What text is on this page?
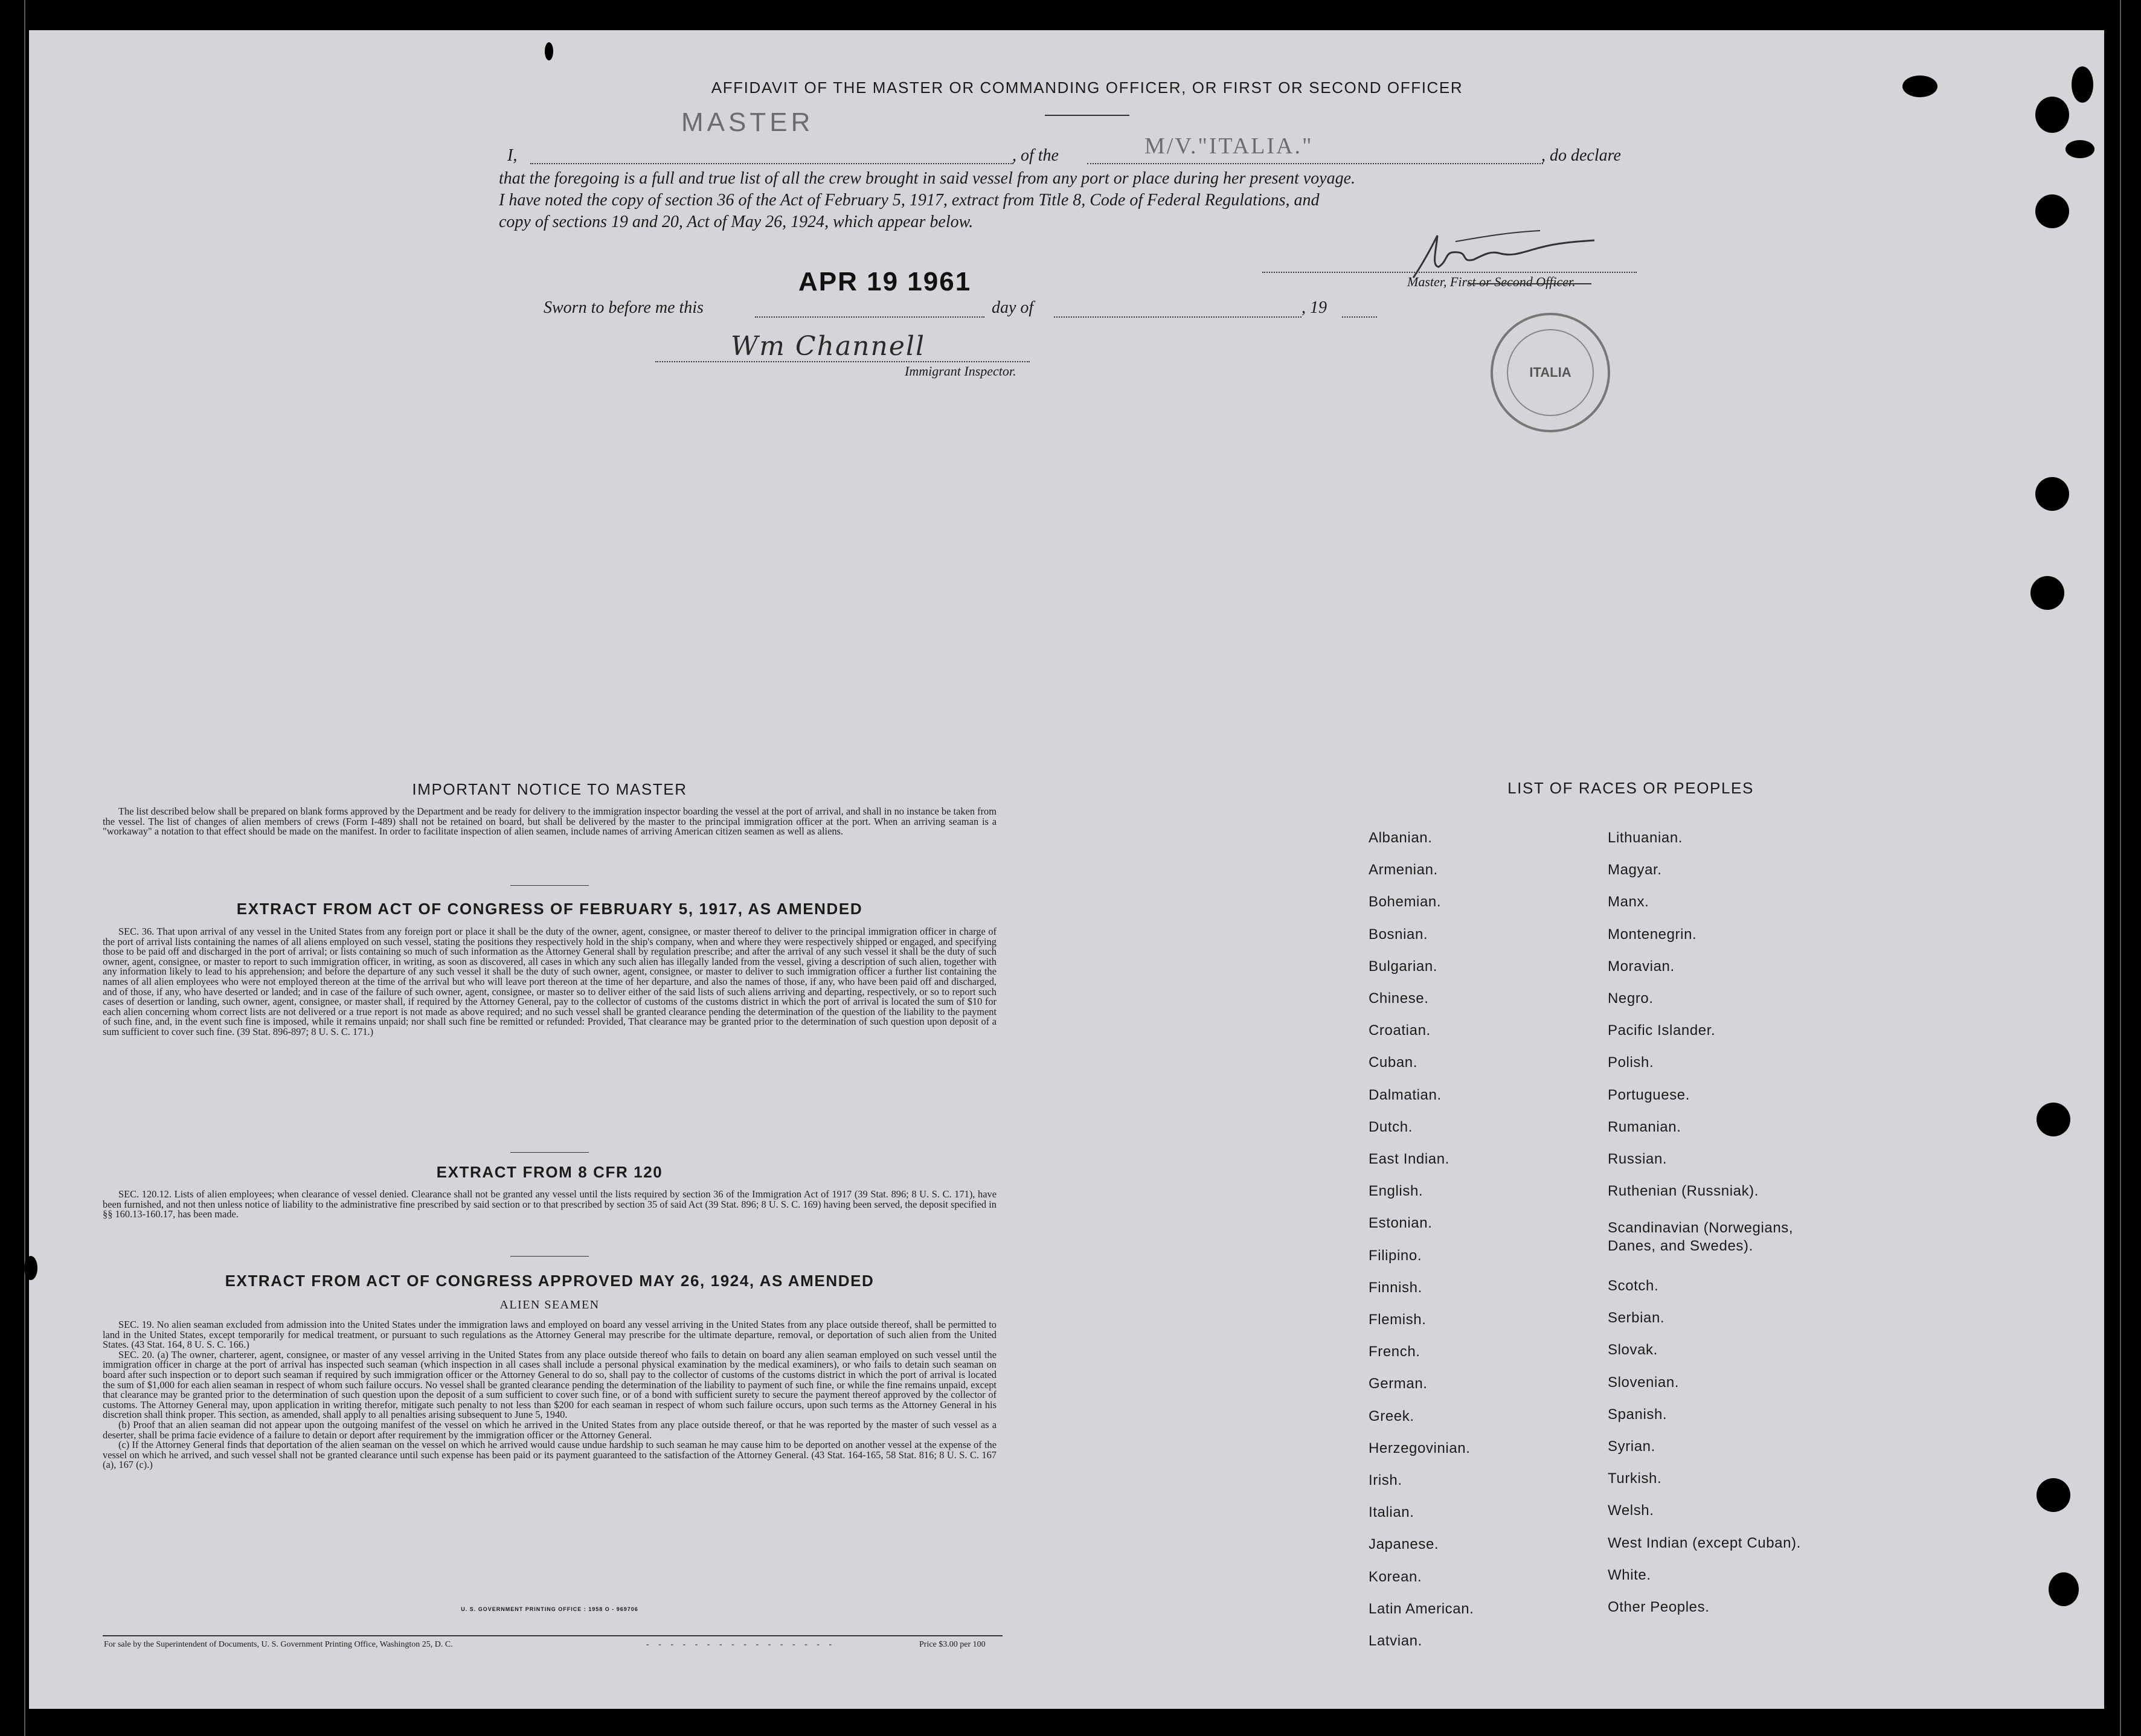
AFFIDAVIT OF THE MASTER OR COMMANDING OFFICER, OR FIRST OR SECOND OFFICER
MASTER
I,	, of the	M/V."ITALIA."	, do declare
that the foregoing is a full and true list of all the crew brought in said vessel from any port or place during her present voyage.
I have noted the copy of section 36 of the Act of February 5, 1917, extract from Title 8, Code of Federal Regulations, and
copy of sections 19 and 20, Act of May 26, 1924, which appear below.
Master, First or Second Officer.
APR 19 1961
Sworn to before me this	day of	, 19
Wm Channell
Immigrant Inspector.	ITALIA
IMPORTANT NOTICE TO MASTER

The list described below shall be prepared on blank forms approved by the Department and be ready for delivery to the immigration inspector boarding the vessel at the port of arrival, and shall in no instance be taken from the vessel. The list of changes of alien members of crews (Form I-489) shall not be retained on board, but shall be delivered by the master to the principal immigration officer at the port. When an arriving seaman is a "workaway" a notation to that effect should be made on the manifest. In order to facilitate inspection of alien seamen, include names of arriving American citizen seamen as well as aliens.

EXTRACT FROM ACT OF CONGRESS OF FEBRUARY 5, 1917, AS AMENDED

SEC. 36. That upon arrival of any vessel in the United States from any foreign port or place it shall be the duty of the owner, agent, consignee, or master thereof to deliver to the principal immigration officer in charge of the port of arrival lists containing the names of all aliens employed on such vessel, stating the positions they respectively hold in the ship's company, when and where they were respectively shipped or engaged, and specifying those to be paid off and discharged in the port of arrival; or lists containing so much of such information as the Attorney General shall by regulation prescribe; and after the arrival of any such vessel it shall be the duty of such owner, agent, consignee, or master to report to such immigration officer, in writing, as soon as discovered, all cases in which any such alien has illegally landed from the vessel, giving a description of such alien, together with any information likely to lead to his apprehension; and before the departure of any such vessel it shall be the duty of such owner, agent, consignee, or master to deliver to such immigration officer a further list containing the names of all alien employees who were not employed thereon at the time of the arrival but who will leave port thereon at the time of her departure, and also the names of those, if any, who have been paid off and discharged, and of those, if any, who have deserted or landed; and in case of the failure of such owner, agent, consignee, or master so to deliver either of the said lists of such aliens arriving and departing, respectively, or so to report such cases of desertion or landing, such owner, agent, consignee, or master shall, if required by the Attorney General, pay to the collector of customs of the customs district in which the port of arrival is located the sum of $10 for each alien concerning whom correct lists are not delivered or a true report is not made as above required; and no such vessel shall be granted clearance pending the determination of the question of the liability to the payment of such fine, and, in the event such fine is imposed, while it remains unpaid; nor shall such fine be remitted or refunded: Provided, That clearance may be granted prior to the determination of such question upon deposit of a sum sufficient to cover such fine. (39 Stat. 896-897; 8 U. S. C. 171.)

EXTRACT FROM 8 CFR 120

SEC. 120.12. Lists of alien employees; when clearance of vessel denied. Clearance shall not be granted any vessel until the lists required by section 36 of the Immigration Act of 1917 (39 Stat. 896; 8 U. S. C. 171), have been furnished, and not then unless notice of liability to the administrative fine prescribed by said section or to that prescribed by section 35 of said Act (39 Stat. 896; 8 U. S. C. 169) having been served, the deposit specified in §§ 160.13-160.17, has been made.

EXTRACT FROM ACT OF CONGRESS APPROVED MAY 26, 1924, AS AMENDED
ALIEN SEAMEN

SEC. 19. No alien seaman excluded from admission into the United States under the immigration laws and employed on board any vessel arriving in the United States from any place outside thereof, shall be permitted to land in the United States, except temporarily for medical treatment, or pursuant to such regulations as the Attorney General may prescribe for the ultimate departure, removal, or deportation of such alien from the United States. (43 Stat. 164, 8 U. S. C. 166.)

SEC. 20. (a) The owner, charterer, agent, consignee, or master of any vessel arriving in the United States from any place outside thereof who fails to detain on board any alien seaman employed on such vessel until the immigration officer in charge at the port of arrival has inspected such seaman (which inspection in all cases shall include a personal physical examination by the medical examiners), or who fails to detain such seaman on board after such inspection or to deport such seaman if required by such immigration officer or the Attorney General to do so, shall pay to the collector of customs of the customs district in which the port of arrival is located the sum of $1,000 for each alien seaman in respect of whom such failure occurs. No vessel shall be granted clearance pending the determination of the liability to payment of such fine, or while the fine remains unpaid, except that clearance may be granted prior to the determination of such question upon the deposit of a sum sufficient to cover such fine, or of a bond with sufficient surety to secure the payment thereof approved by the collector of customs. The Attorney General may, upon application in writing therefor, mitigate such penalty to not less than $200 for each seaman in respect of whom such failure occurs, upon such terms as the Attorney General in his discretion shall think proper. This section, as amended, shall apply to all penalties arising subsequent to June 5, 1940.

(b) Proof that an alien seaman did not appear upon the outgoing manifest of the vessel on which he arrived in the United States from any place outside thereof, or that he was reported by the master of such vessel as a deserter, shall be prima facie evidence of a failure to detain or deport after requirement by the immigration officer or the Attorney General.

(c) If the Attorney General finds that deportation of the alien seaman on the vessel on which he arrived would cause undue hardship to such seaman he may cause him to be deported on another vessel at the expense of the vessel on which he arrived, and such vessel shall not be granted clearance until such expense has been paid or its payment guaranteed to the satisfaction of the Attorney General. (43 Stat. 164-165, 58 Stat. 816; 8 U. S. C. 167 (a), 167 (c).)

U. S. GOVERNMENT PRINTING OFFICE : 1958 O - 969706
For sale by the Superintendent of Documents, U. S. Government Printing Office, Washington 25, D. C.	- - - - - - - - - - - - - - - -	Price $3.00 per 100
LIST OF RACES OR PEOPLES
Albanian.
Armenian.
Bohemian.
Bosnian.
Bulgarian.
Chinese.
Croatian.
Cuban.
Dalmatian.
Dutch.
East Indian.
English.
Estonian.
Filipino.
Finnish.
Flemish.
French.
German.
Greek.
Herzegovinian.
Irish.
Italian.
Japanese.
Korean.
Latin American.
Latvian.
Lithuanian.
Magyar.
Manx.
Montenegrin.
Moravian.
Negro.
Pacific Islander.
Polish.
Portuguese.
Rumanian.
Russian.
Ruthenian (Russniak).
Scandinavian (Norwegians,
Danes, and Swedes).
Scotch.
Serbian.
Slovak.
Slovenian.
Spanish.
Syrian.
Turkish.
Welsh.
West Indian (except Cuban).
White.
Other Peoples.
